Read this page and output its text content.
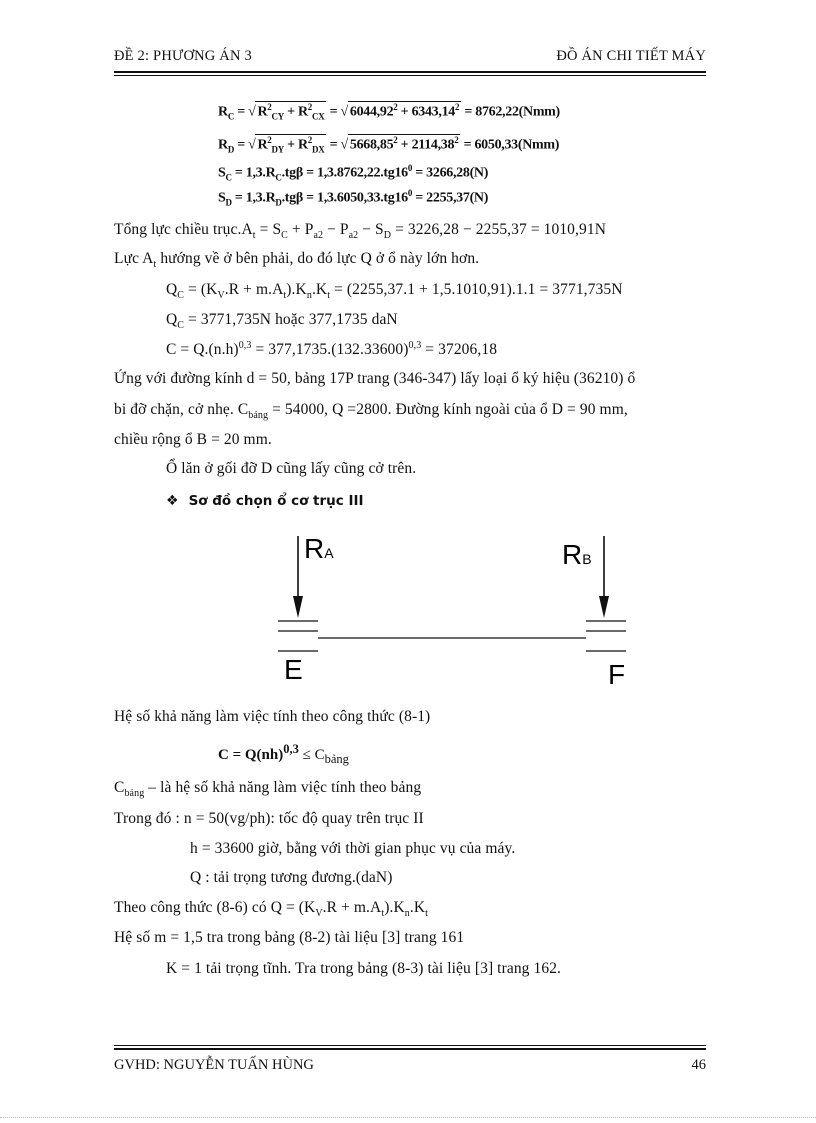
ĐỀ 2: PHƯƠNG ÁN 3	ĐỒ ÁN CHI TIẾT MÁY
$R_C$ = √ $R^2_{CY} + R^2_{CX}$ = √ $6044,92^2 + 6343,14^2 = 8762,22(Nmm)$
$R_D$ = √ $R^2_{DY} + R^2_{DX}$ = √ $5668,85^2 + 2114,38^2 = 6050,33(Nmm)$
$S_C = 1,3.R_C.tg\beta = 1,3.8762,22.tg16^0 = 3266,28(N)$
$S_D = 1,3.R_D.tg\beta = 1,3.6050,33.tg16^0 = 2255,37(N)$
Tổng lực chiều $trục.A_t = S_C + P_{a2} - P_{a2} - S_D = 3226,28 - 2255,37 = 1010,91N$
Lực $A_t$ hướng về ở bên phải, do đó lực Q ở ổ này lớn hơn.
$Q_C = (K_V.R + m.A_t).K_n.K_t = (2255,37.1 + 1,5.1010,91).1.1 = 3771,735N$
$Q_C = 3771,735N$ hoặc 377,1735 daN
$C = Q.(n.h)^{0,3} = 377,1735.(132.33600)^{0,3} = 37206,18$
Ứng với đường kính d = 50, bảng 17P trang (346-347) lấy loại ổ ký hiệu (36210) ổ
bi đỡ chặn, cở nhẹ. $C_{bảng} = 54000$, Q =2800. Đường kính ngoài của ổ D = 90 mm,
chiều rộng ổ B = 20 mm.
Ổ lăn ở gối đỡ D cũng lấy cũng cở trên.
❖ Sơ đồ chọn ổ cơ trục III
RA	RB
E	F
Hệ số khả năng làm việc tính theo công thức (8-1)
$C = Q(nh)^{0,3} \le C_{bảng}$
$C_{bảng}$ – là hệ số khả năng làm việc tính theo bảng
Trong đó : n = 50(vg/ph): tốc độ quay trên trục II
h = 33600 giờ, bằng với thời gian phục vụ của máy.
Q : tải trọng tương đương.(daN)
Theo công thức (8-6) có $Q = (K_V.R + m.A_t).K_n.K_t$
Hệ số m = 1,5 tra trong bảng (8-2) tài liệu [3] trang 161
K = 1 tải trọng tĩnh. Tra trong bảng (8-3) tài liệu [3] trang 162.
GVHD: NGUYỄN TUẤN HÙNG	46
